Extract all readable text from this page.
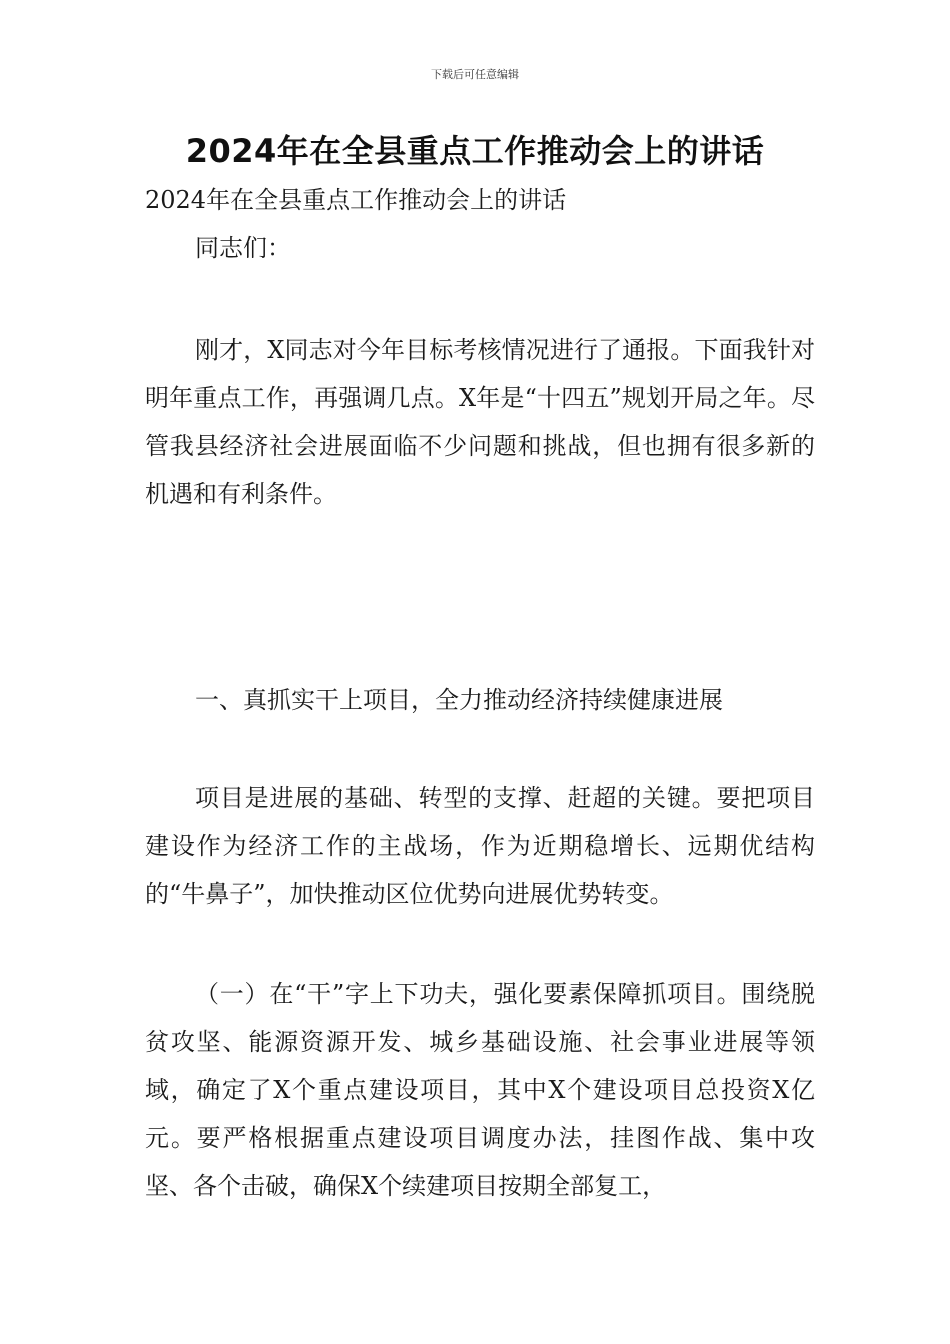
下载后可任意编辑
2024年在全县重点工作推动会上的讲话

2024年在全县重点工作推动会上的讲话

同志们：

刚才，X同志对今年目标考核情况进行了通报。下面我针对明年重点工作，再强调几点。X年是“十四五”规划开局之年。尽管我县经济社会进展面临不少问题和挑战，但也拥有很多新的机遇和有利条件。

一、真抓实干上项目，全力推动经济持续健康进展

项目是进展的基础、转型的支撑、赶超的关键。要把项目建设作为经济工作的主战场，作为近期稳增长、远期优结构的“牛鼻子”，加快推动区位优势向进展优势转变。

（一）在“干”字上下功夫，强化要素保障抓项目。围绕脱贫攻坚、能源资源开发、城乡基础设施、社会事业进展等领域，确定了X个重点建设项目，其中X个建设项目总投资X亿元。要严格根据重点建设项目调度办法，挂图作战、集中攻坚、各个击破，确保X个续建项目按期全部复工，
